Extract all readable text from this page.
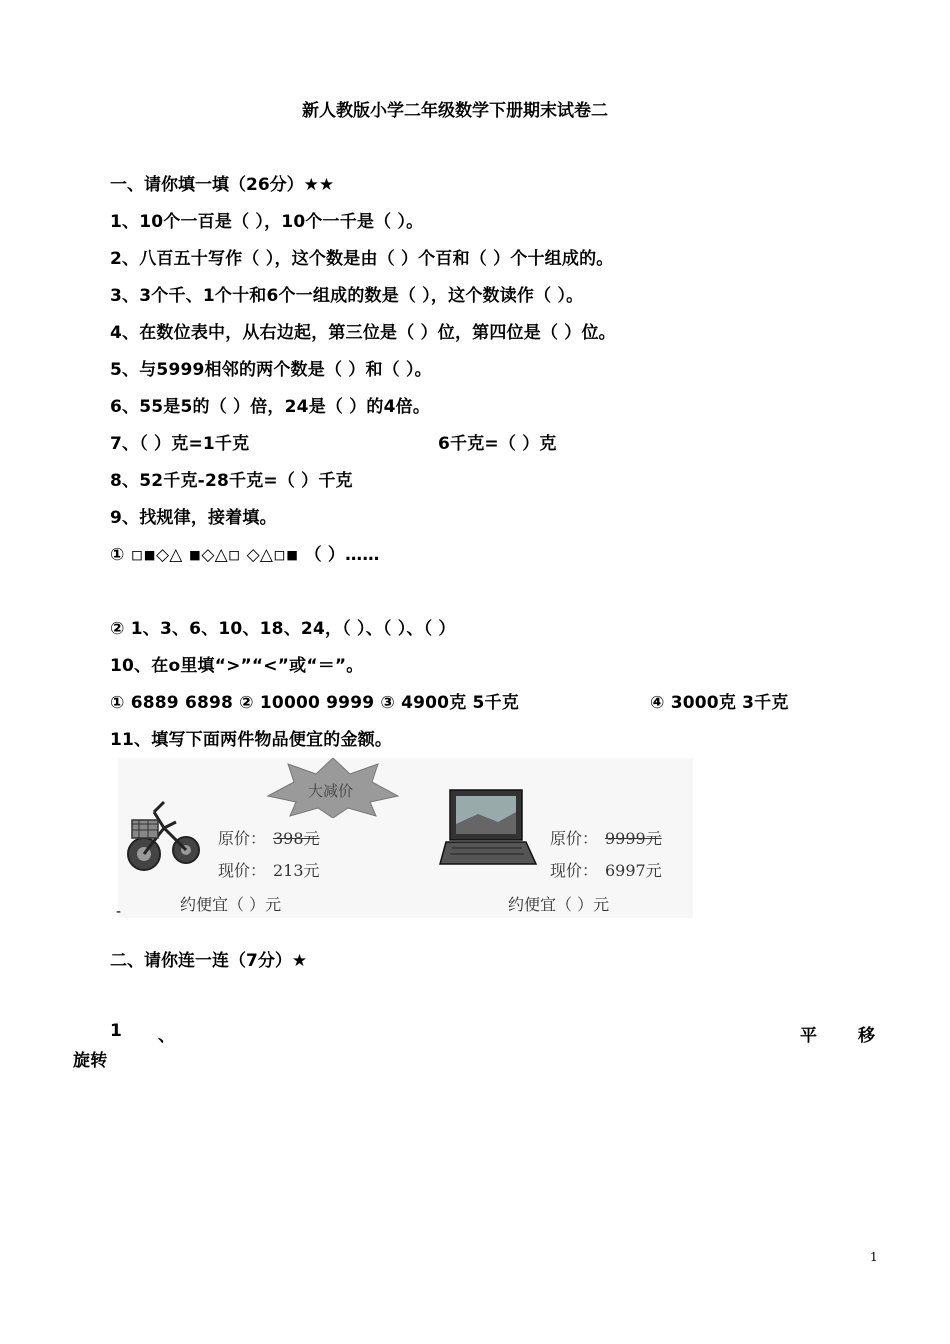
新人教版小学二年级数学下册期末试卷二
一、请你填一填（26分）★★
1、10个一百是（ ），10个一千是（ ）。
2、八百五十写作（ ），这个数是由（ ）个百和（ ）个十组成的。
3、3个千、1个十和6个一组成的数是（ ），这个数读作（ ）。
4、在数位表中，从右边起，第三位是（ ）位，第四位是（ ）位。
5、与5999相邻的两个数是（ ）和（ ）。
6、55是5的（ ）倍，24是（ ）的4倍。
7、（ ）克=1千克	6千克=（ ）克
8、52千克-28千克=（ ）千克
9、找规律，接着填。
① ◽◾◇△ ◾◇△◽ ◇△◽◾ （ ）……
② 1、3、6、10、18、24，（ ）、（ ）、（ ）
10、在o里填“>”“<”或“＝”。
① 6889 6898 ② 10000 9999 ③ 4900克 5千克	④ 3000克 3千克
11、填写下面两件物品便宜的金额。
大减价
原价： 398元
现价： 213元
约便宜（ ）元
原价： 9999元
现价： 6997元
约便宜（ ）元
-
二、请你连一连（7分）★
1 、	平 移
旋转
1
